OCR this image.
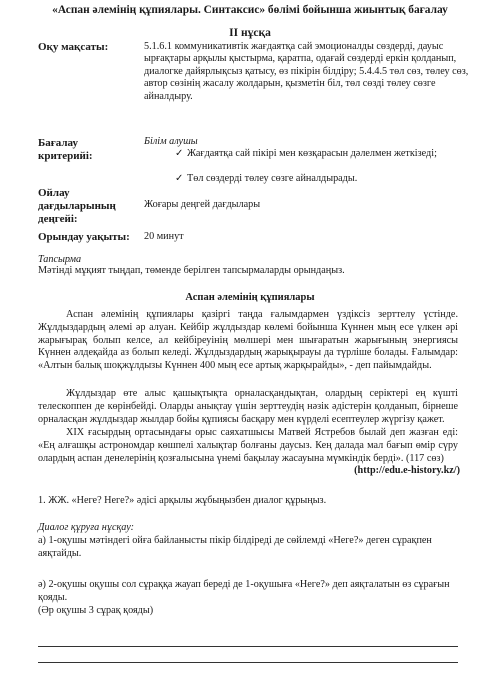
«Аспан әлемінің құпиялары. Синтаксис» бөлімі бойынша жиынтық бағалау
II нұсқа
Оқу мақсаты:	5.1.6.1 коммуникативтік жағдаятқа сай эмоционалды сөздерді, дауыс ырғақтары арқылы қыстырма, қаратпа, одағай сөздерді еркін қолданып, диалогке дайярлықсыз қатысу, өз пікірін білдіру; 5.4.4.5 төл сөз, төлеу сөз, автор сөзінің жасалу жолдарын, қызметін біл, төл сөзді төлеу сөзге айналдыру.
Бағалау
критерийі:
Білім алушы
✓ Жағдаятқа сай пікірі мен көзқарасын дәлелмен жеткізеді;
✓ Төл сөздерді төлеу сөзге айналдырады.
Ойлау
дағдыларының
деңгейі:
Жоғары деңгей дағдылары
Орындау уақыты: 20 минут
Тапсырма
Мәтінді мұқият тыңдап, төменде берілген тапсырмаларды орындаңыз.
Аспан әлемінің құпиялары

Аспан әлемінің құпиялары қазіргі таңда ғалымдармен үздіксіз зерттелу үстінде. Жұлдыздардың әлемі әр алуан. Кейбір жұлдыздар көлемі бойынша Күннен мың есе үлкен әрі жарығырақ болып келсе, ал кейбіреуінің мөлшері мен шығаратын жарығының энергиясы Күннен әлдеқайда аз болып келеді. Жұлдыздардың жарықырауы да түрліше болады. Ғалымдар: «Алтын балық шоқжұлдызы Күннен 400 мың есе артық жарқырайды», - деп пайымдайды.

Жұлдыздар өте алыс қашықтықта орналасқандықтан, олардың серіктері ең күшті телескоппен де көрінбейді. Оларды анықтау үшін зерттеудің нәзік әдістерін қолданып, бірнеше орналасқан жұлдыздар жылдар бойы құпиясы басқару мен күрделі есептеулер жүргізу қажет.

XIX ғасырдың ортасындағы орыс саяхатшысы Матвей Ястребов былай деп жазған еді: «Ең алғашқы астрономдар көшпелі халықтар болғаны даусыз. Кең далада мал бағып өмір сүру олардың аспан денелерінің қозғалысына үнемі бақылау жасауына мүмкіндік берді». (117 сөз)

(http://edu.e-history.kz/)
1. ЖЖ. «Неге? Неге?» әдісі арқылы жұбыңызбен диалог құрыңыз.
Диалог құруға нұсқау:
а) 1-оқушы мәтіндегі ойға байланысты пікір білдіреді де сөйлемді «Неге?» деген сұрақпен аяқтайды.
ә) 2-оқушы оқушы сол сұраққа жауап береді де 1-оқушыға «Неге?» деп аяқталатын өз сұрағын қояды.
(Әр оқушы 3 сұрақ қояды)
